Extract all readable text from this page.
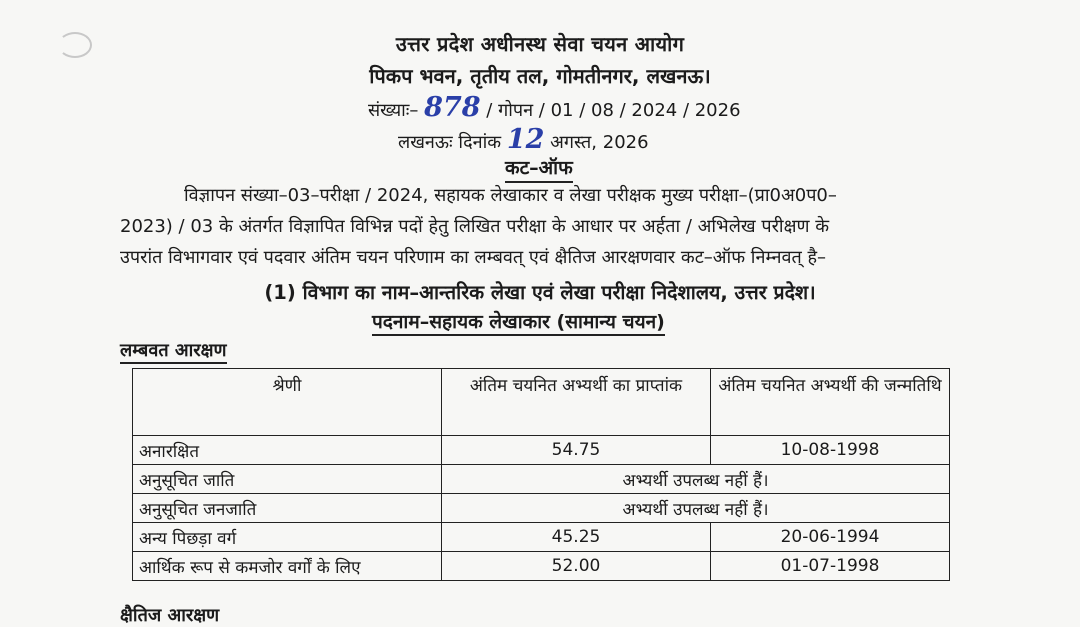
उत्तर प्रदेश अधीनस्थ सेवा चयन आयोग
पिकप भवन, तृतीय तल, गोमतीनगर, लखनऊ।
संख्याः– 878 / गोपन / 01 / 08 / 2024 / 2026
लखनऊः दिनांक 12 अगस्त, 2026
कट–ऑफ
विज्ञापन संख्या–03–परीक्षा / 2024, सहायक लेखाकार व लेखा परीक्षक मुख्य परीक्षा–(प्रा0अ0प0–
2023) / 03 के अंतर्गत विज्ञापित विभिन्न पदों हेतु लिखित परीक्षा के आधार पर अर्हता / अभिलेख परीक्षण के
उपरांत विभागवार एवं पदवार अंतिम चयन परिणाम का लम्बवत् एवं क्षैतिज आरक्षणवार कट–ऑफ निम्नवत् है–
(1) विभाग का नाम–आन्तरिक लेखा एवं लेखा परीक्षा निदेशालय, उत्तर प्रदेश।
पदनाम–सहायक लेखाकार (सामान्य चयन)
लम्बवत आरक्षण
श्रेणी	अंतिम चयनित अभ्यर्थी का प्राप्तांक	अंतिम चयनित अभ्यर्थी की जन्मतिथि
अनारक्षित	54.75	10-08-1998
अनुसूचित जाति	अभ्यर्थी उपलब्ध नहीं हैं।	
अनुसूचित जनजाति	अभ्यर्थी उपलब्ध नहीं हैं।	
अन्य पिछड़ा वर्ग	45.25	20-06-1994
आर्थिक रूप से कमजोर वर्गों के लिए	52.00	01-07-1998
क्षैतिज आरक्षण
